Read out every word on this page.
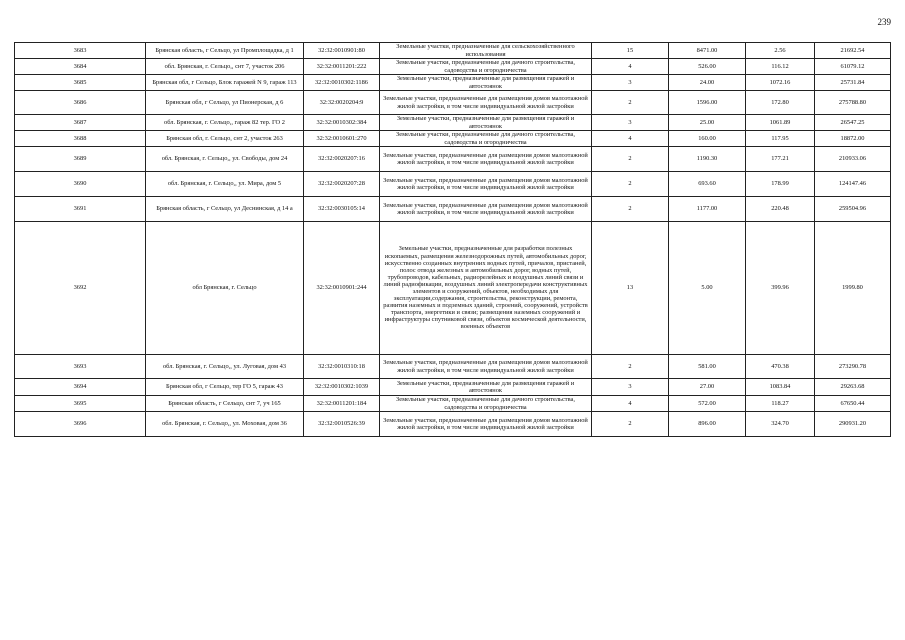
239
3683	Брянская область, г Сельцо, ул Промплощадка, д 1	32:32:0010901:80	Земельные участки, предназначенные для сельскохозяйственного использования	15	8471.00	2.56	21692.54
3684	обл. Брянская, г. Сельцо,, снт 7, участок 206	32:32:0011201:222	Земельные участки, предназначенные для дачного строительства, садоводства и огородничества	4	526.00	116.12	61079.12
3685	Брянская обл, г Сельцо, Блок гаражей N 9, гараж 113	32:32:0010302:1186	Земельные участки, предназначенные для размещения гаражей и автостоянок	3	24.00	1072.16	25731.84
3686	Брянская обл, г Сельцо, ул Пионерская, д 6	32:32:0020204:9	Земельные участки, предназначенные для размещения домов малоэтажной жилой застройки, в том числе индивидуальной жилой застройки	2	1596.00	172.80	275788.80
3687	обл. Брянская, г. Сельцо,, гараж 82 тер. ГО 2	32:32:0010302:384	Земельные участки, предназначенные для размещения гаражей и автостоянок	3	25.00	1061.89	26547.25
3688	Брянская обл, г. Сельцо, снт 2, участок 263	32:32:0010601:270	Земельные участки, предназначенные для дачного строительства, садоводства и огородничества	4	160.00	117.95	18872.00
3689	обл. Брянская, г. Сельцо,, ул. Свободы, дом 24	32:32:0020207:16	Земельные участки, предназначенные для размещения домов малоэтажной жилой застройки, в том числе индивидуальной жилой застройки	2	1190.30	177.21	210933.06
3690	обл. Брянская, г. Сельцо,, ул. Мира, дом 5	32:32:0020207:28	Земельные участки, предназначенные для размещения домов малоэтажной жилой застройки, в том числе индивидуальной жилой застройки	2	693.60	178.99	124147.46
3691	Брянская область, г Сельцо, ул Деснинская, д 14 а	32:32:0030105:14	Земельные участки, предназначенные для размещения домов малоэтажной жилой застройки, в том числе индивидуальной жилой застройки	2	1177.00	220.48	259504.96
3692	обл Брянская, г. Сельцо	32:32:0010901:244	Земельные участки, предназначенные для разработки полезных ископаемых, размещения железнодорожных путей, автомобильных дорог, искусственно созданных внутренних водных путей, причалов, пристаней, полос отвода железных и автомобильных дорог, водных путей, трубопроводов, кабельных, радиорелейных и воздушных линий связи и линий радиофикации, воздушных линий электропередачи конструктивных элементов и сооружений, объектов, необходимых для эксплуатации,содержания, строительства, реконструкции, ремонта, развития наземных и подземных зданий, строений, сооружений, устройств транспорта, энергетики и связи; размещения наземных сооружений и инфраструктуры спутниковой связи, объектов космической деятельности, военных объектов	13	5.00	399.96	1999.80
3693	обл. Брянская, г. Сельцо,, ул. Луговая, дом 43	32:32:0010310:18	Земельные участки, предназначенные для размещения домов малоэтажной жилой застройки, в том числе индивидуальной жилой застройки	2	581.00	470.38	273290.78
3694	Брянская обл, г Сельцо, тер ГО 5, гараж 43	32:32:0010302:1039	Земельные участки, предназначенные для размещения гаражей и автостоянок	3	27.00	1083.84	29263.68
3695	Брянская область, г Сельцо, снт 7, уч 165	32:32:0011201:184	Земельные участки, предназначенные для дачного строительства, садоводства и огородничества	4	572.00	118.27	67650.44
3696	обл. Брянская, г. Сельцо,, ул. Моховая, дом 36	32:32:0010526:39	Земельные участки, предназначенные для размещения домов малоэтажной жилой застройки, в том числе индивидуальной жилой застройки	2	896.00	324.70	290931.20
